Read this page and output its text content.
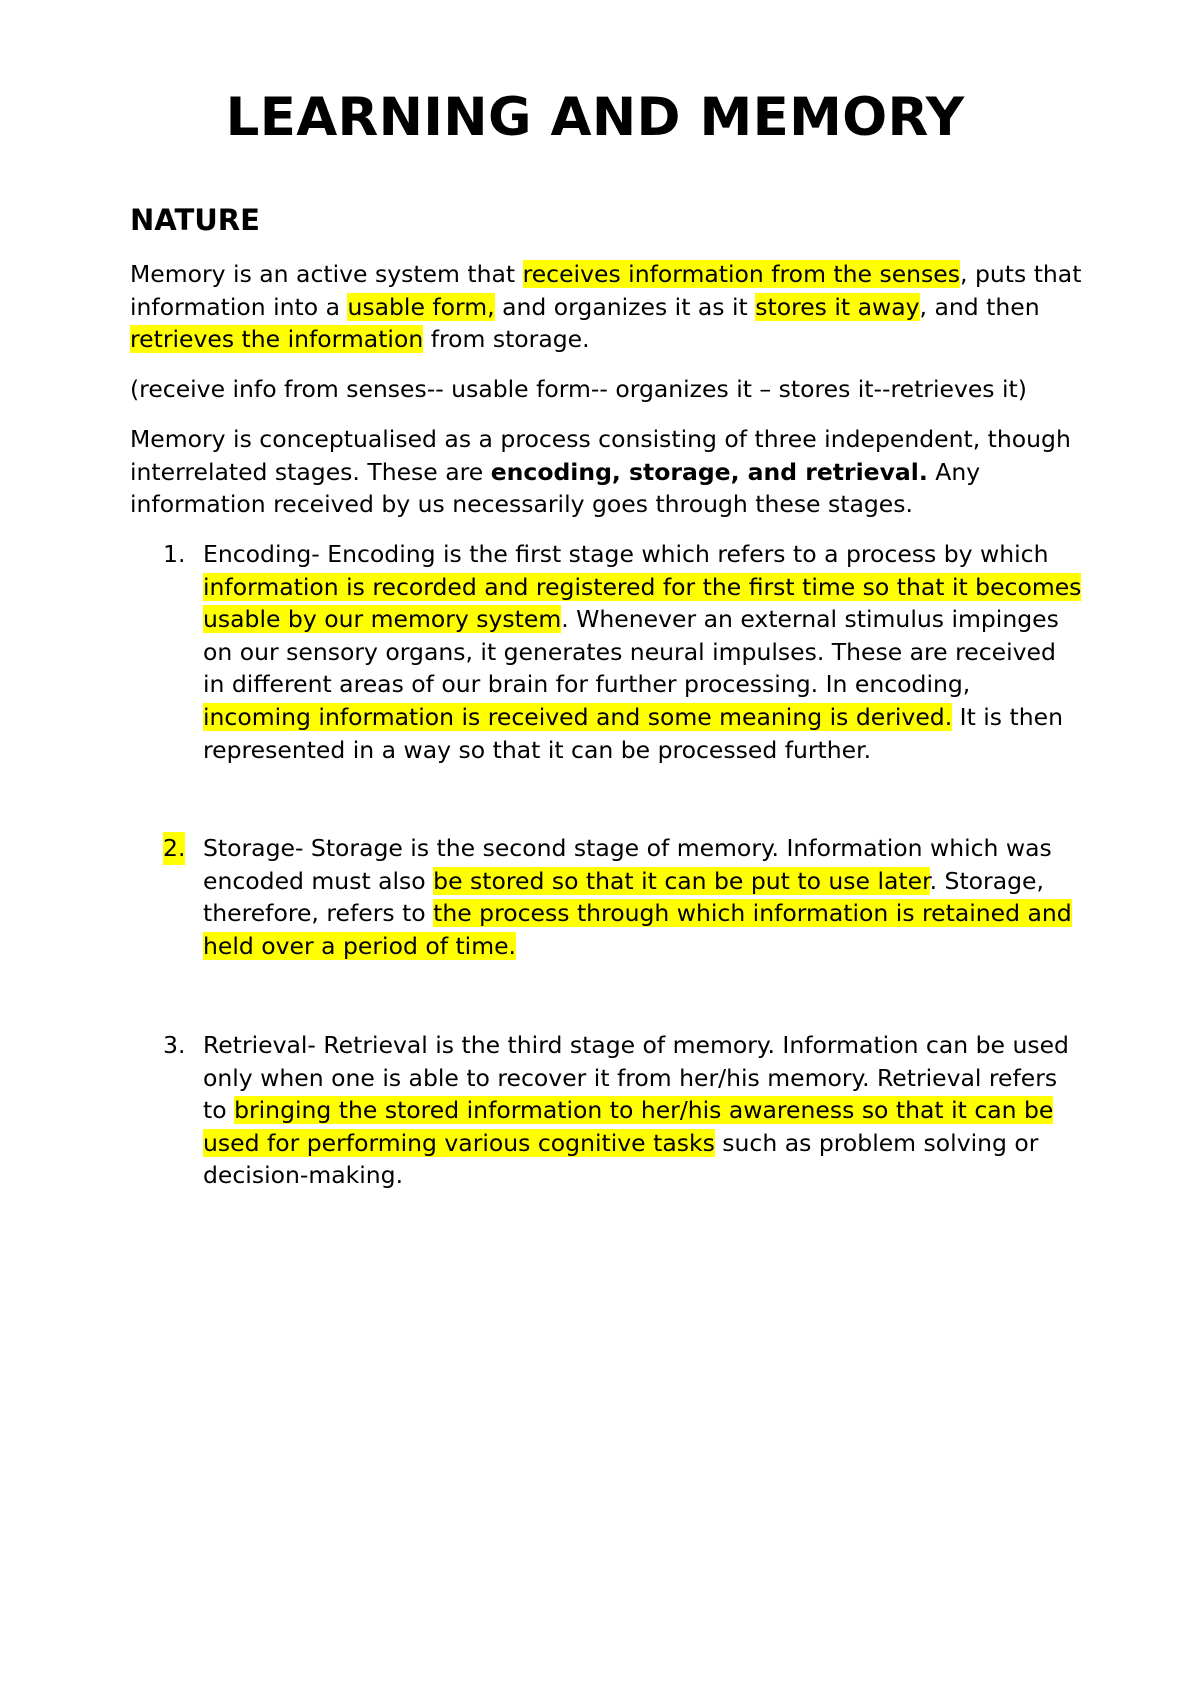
LEARNING AND MEMORY
NATURE

Memory is an active system that receives information from the senses, puts that information into a usable form, and organizes it as it stores it away, and then retrieves the information from storage.

(receive info from senses-- usable form-- organizes it – stores it--retrieves it)

Memory is conceptualised as a process consisting of three independent, though interrelated stages. These are encoding, storage, and retrieval. Any information received by us necessarily goes through these stages.

1. Encoding- Encoding is the first stage which refers to a process by which information is recorded and registered for the first time so that it becomes usable by our memory system. Whenever an external stimulus impinges on our sensory organs, it generates neural impulses. These are received in different areas of our brain for further processing. In encoding, incoming information is received and some meaning is derived. It is then represented in a way so that it can be processed further.
2. Storage- Storage is the second stage of memory. Information which was encoded must also be stored so that it can be put to use later. Storage, therefore, refers to the process through which information is retained and held over a period of time.
3. Retrieval- Retrieval is the third stage of memory. Information can be used only when one is able to recover it from her/his memory. Retrieval refers to bringing the stored information to her/his awareness so that it can be used for performing various cognitive tasks such as problem solving or decision-making.
